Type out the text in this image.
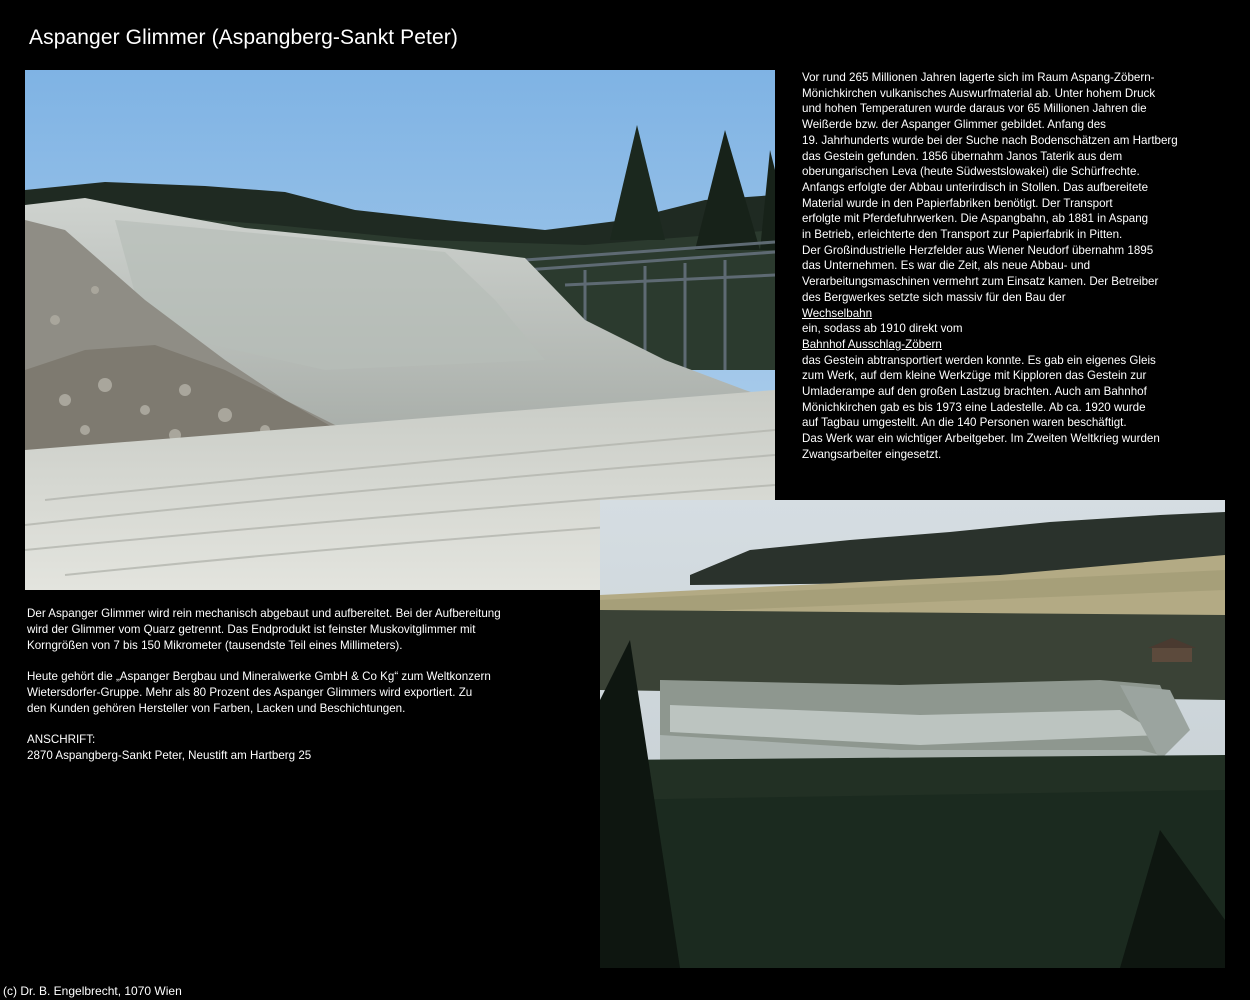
Aspanger Glimmer (Aspangberg-Sankt Peter)
Vor rund 265 Millionen Jahren lagerte sich im Raum Aspang-Zöbern-
Mönichkirchen vulkanisches Auswurfmaterial ab. Unter hohem Druck
und hohen Temperaturen wurde daraus vor 65 Millionen Jahren die
Weißerde bzw. der Aspanger Glimmer gebildet. Anfang des
19. Jahrhunderts wurde bei der Suche nach Bodenschätzen am Hartberg
das Gestein gefunden. 1856 übernahm Janos Taterik aus dem
oberungarischen Leva (heute Südwestslowakei) die Schürfrechte.
Anfangs erfolgte der Abbau unterirdisch in Stollen. Das aufbereitete
Material wurde in den Papierfabriken benötigt. Der Transport
erfolgte mit Pferdefuhrwerken. Die Aspangbahn, ab 1881 in Aspang
in Betrieb, erleichterte den Transport zur Papierfabrik in Pitten.
Der Großindustrielle Herzfelder aus Wiener Neudorf übernahm 1895
das Unternehmen. Es war die Zeit, als neue Abbau- und
Verarbeitungsmaschinen vermehrt zum Einsatz kamen. Der Betreiber
des Bergwerkes setzte sich massiv für den Bau der
Wechselbahn
ein, sodass ab 1910 direkt vom
Bahnhof Ausschlag-Zöbern
das Gestein abtransportiert werden konnte. Es gab ein eigenes Gleis
zum Werk, auf dem kleine Werkzüge mit Kipploren das Gestein zur
Umladerampe auf den großen Lastzug brachten. Auch am Bahnhof
Mönichkirchen gab es bis 1973 eine Ladestelle. Ab ca. 1920 wurde
auf Tagbau umgestellt. An die 140 Personen waren beschäftigt.
Das Werk war ein wichtiger Arbeitgeber. Im Zweiten Weltkrieg wurden
Zwangsarbeiter eingesetzt.
Der Aspanger Glimmer wird rein mechanisch abgebaut und aufbereitet. Bei der Aufbereitung
wird der Glimmer vom Quarz getrennt. Das Endprodukt ist feinster Muskovitglimmer mit
Korngrößen von 7 bis 150 Mikrometer (tausendste Teil eines Millimeters).
Heute gehört die „Aspanger Bergbau und Mineralwerke GmbH & Co Kg“ zum Weltkonzern
Wietersdorfer-Gruppe. Mehr als 80 Prozent des Aspanger Glimmers wird exportiert. Zu
den Kunden gehören Hersteller von Farben, Lacken und Beschichtungen.
ANSCHRIFT:
2870 Aspangberg-Sankt Peter, Neustift am Hartberg 25
(c) Dr. B. Engelbrecht, 1070 Wien
